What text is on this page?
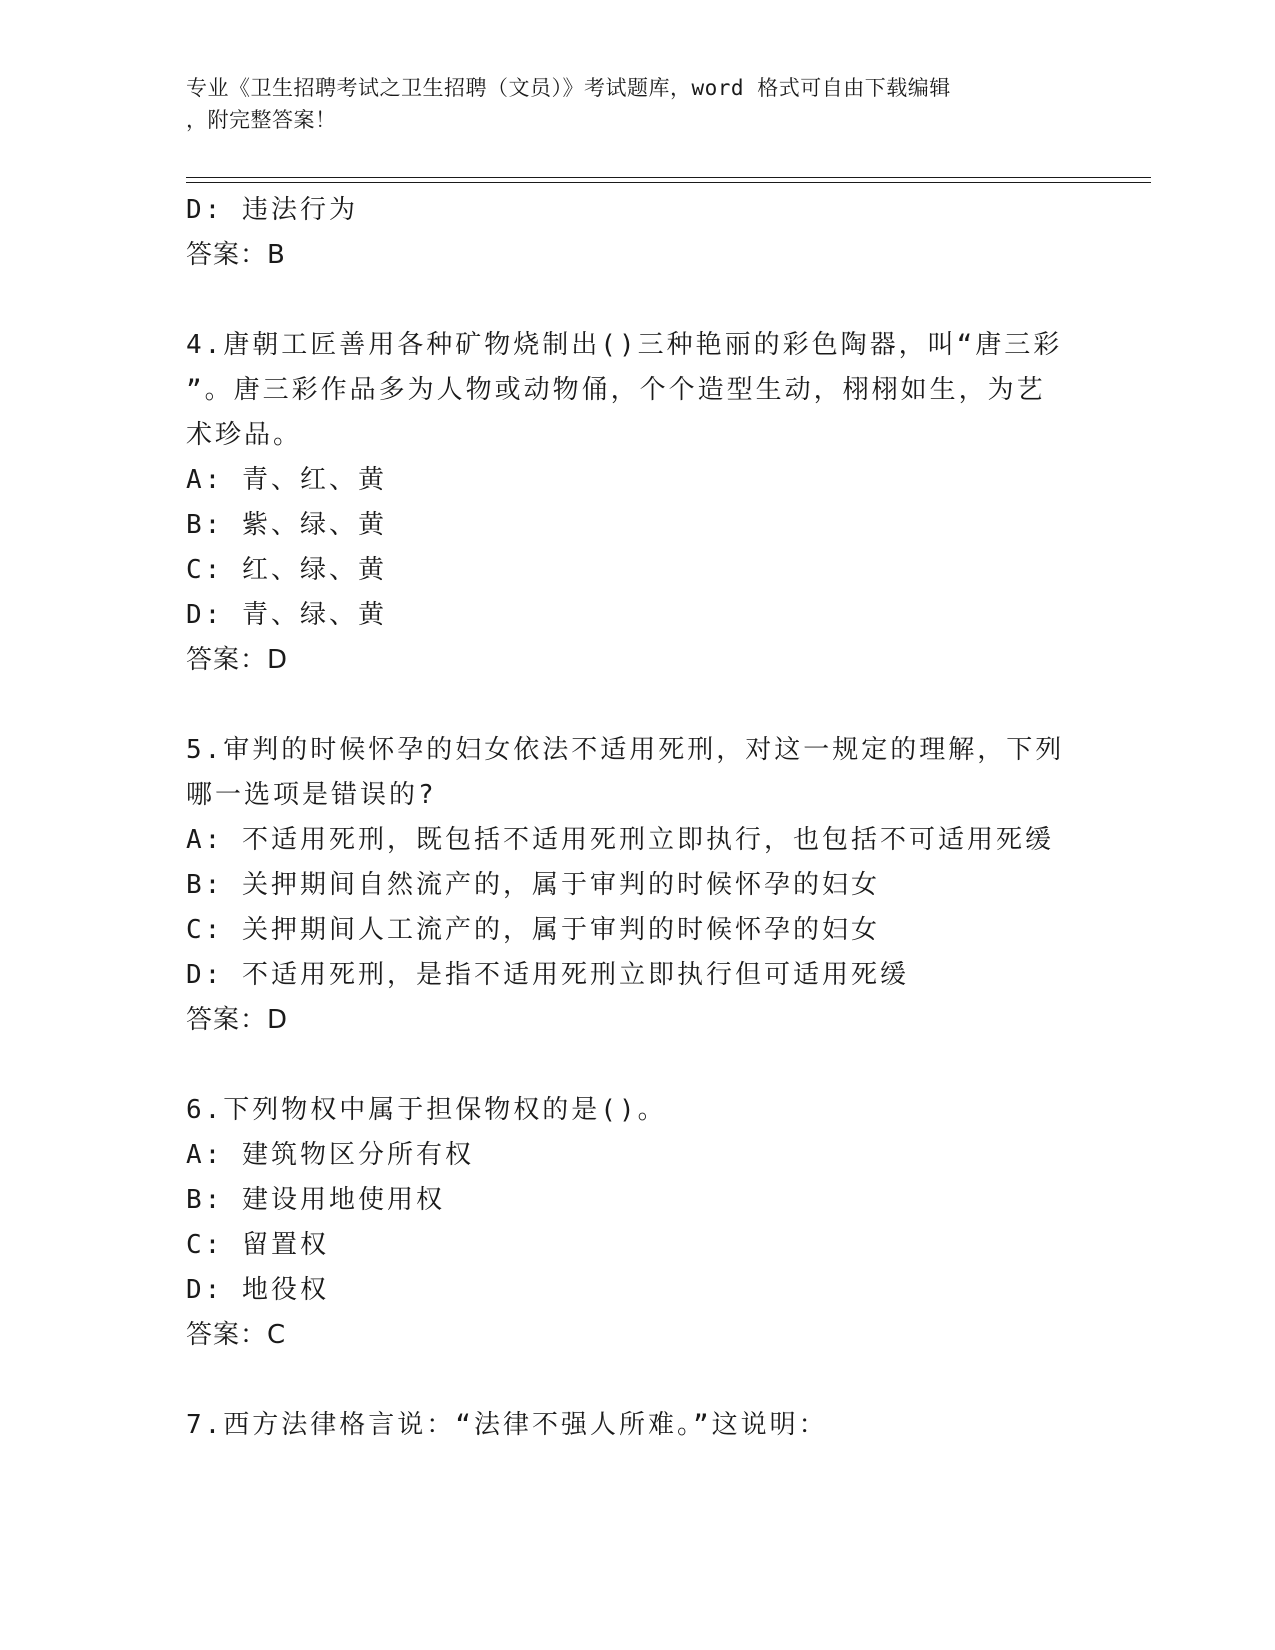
专业《卫生招聘考试之卫生招聘（文员）》考试题库，word 格式可自由下载编辑
，附完整答案！
D: 违法行为
答案：B
4.唐朝工匠善用各种矿物烧制出()三种艳丽的彩色陶器，叫“唐三彩
”。唐三彩作品多为人物或动物俑，个个造型生动，栩栩如生，为艺
术珍品。
A: 青、红、黄
B: 紫、绿、黄
C: 红、绿、黄
D: 青、绿、黄
答案：D
5.审判的时候怀孕的妇女依法不适用死刑，对这一规定的理解，下列
哪一选项是错误的?
A: 不适用死刑，既包括不适用死刑立即执行，也包括不可适用死缓
B: 关押期间自然流产的，属于审判的时候怀孕的妇女
C: 关押期间人工流产的，属于审判的时候怀孕的妇女
D: 不适用死刑，是指不适用死刑立即执行但可适用死缓
答案：D
6.下列物权中属于担保物权的是()。
A: 建筑物区分所有权
B: 建设用地使用权
C: 留置权
D: 地役权
答案：C
7.西方法律格言说：“法律不强人所难。”这说明：
